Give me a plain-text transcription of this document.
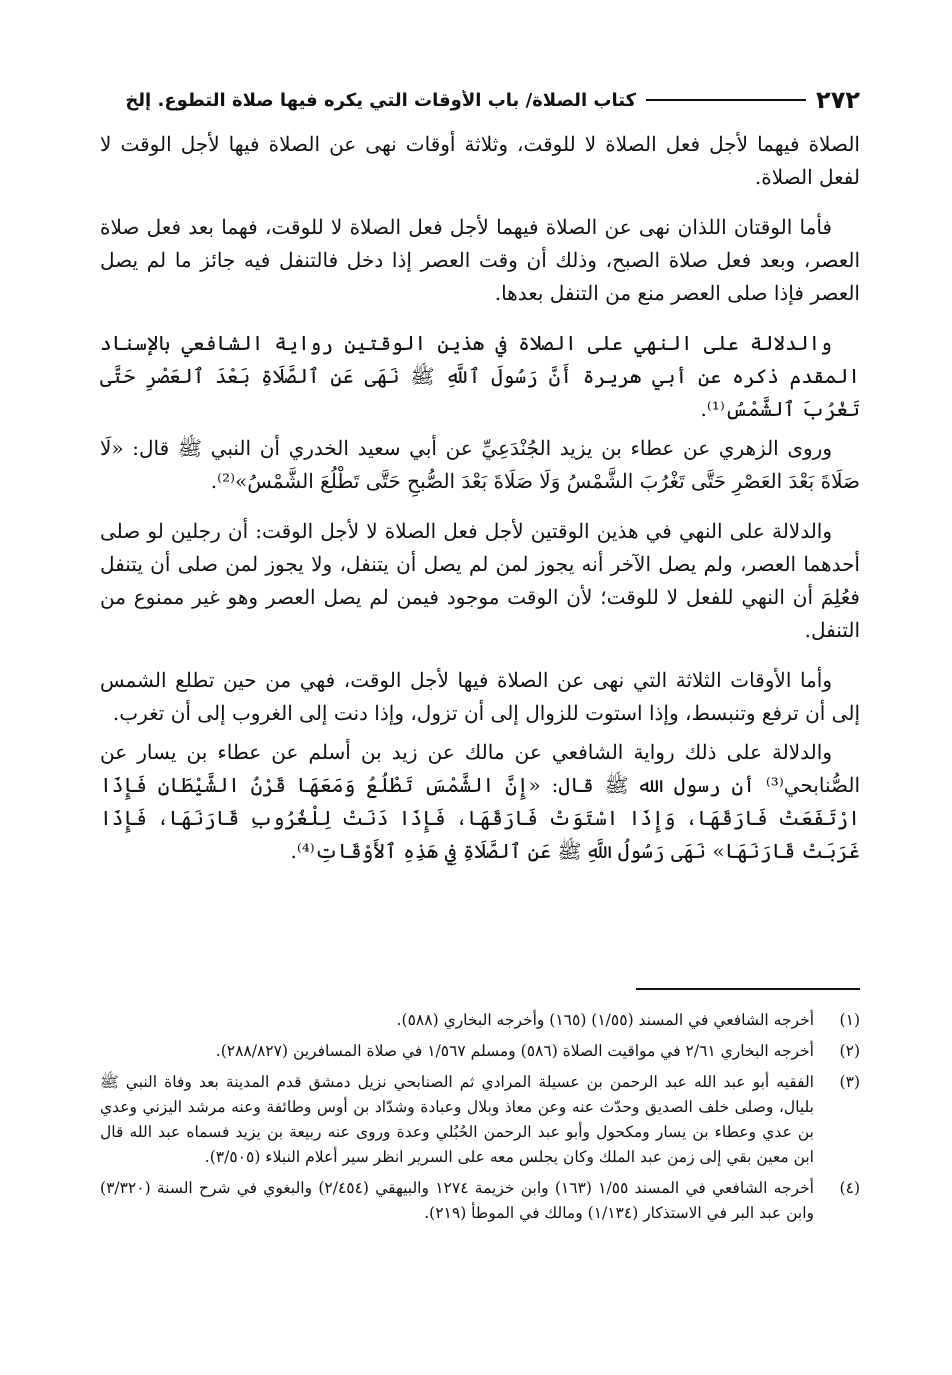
٢٧٢
كتاب الصلاة/ باب الأوقات التي يكره فيها صلاة التطوع. إلخ

الصلاة فيهما لأجل فعل الصلاة لا للوقت، وثلاثة أوقات نهى عن الصلاة فيها لأجل الوقت لا لفعل الصلاة.

فأما الوقتان اللذان نهى عن الصلاة فيهما لأجل فعل الصلاة لا للوقت، فهما بعد فعل صلاة العصر، وبعد فعل صلاة الصبح، وذلك أن وقت العصر إذا دخل فالتنفل فيه جائز ما لم يصل العصر فإذا صلى العصر منع من التنفل بعدها.

والدلالة على النهي على الصلاة في هذين الوقتين رواية الشافعي بالإسناد المقدم ذكره عن أبي هريرة أَنَّ رَسُولَ ٱللَّهِ ﷺ نَهَى عَنِ ٱلصَّلَاةِ بَعْدَ ٱلعَصْرِ حَتَّى تَغْرُبَ ٱلشَّمْسُ⁽¹⁾.

وروى الزهري عن عطاء بن يزيد الجُنْدَعِيِّ عن أبي سعيد الخدري أن النبي ﷺ قال: «لَا صَلَاةَ بَعْدَ العَصْرِ حَتَّى تَغْرُبَ الشَّمْسُ وَلَا صَلَاةَ بَعْدَ الصُّبحِ حَتَّى تَطْلُعَ الشَّمْسُ»⁽²⁾.

والدلالة على النهي في هذين الوقتين لأجل فعل الصلاة لا لأجل الوقت: أن رجلين لو صلى أحدهما العصر، ولم يصل الآخر أنه يجوز لمن لم يصل أن يتنفل، ولا يجوز لمن صلى أن يتنفل فعُلِمَ أن النهي للفعل لا للوقت؛ لأن الوقت موجود فيمن لم يصل العصر وهو غير ممنوع من التنفل.

وأما الأوقات الثلاثة التي نهى عن الصلاة فيها لأجل الوقت، فهي من حين تطلع الشمس إلى أن ترفع وتنبسط، وإذا استوت للزوال إلى أن تزول، وإذا دنت إلى الغروب إلى أن تغرب.

والدلالة على ذلك رواية الشافعي عن مالك عن زيد بن أسلم عن عطاء بن يسار عن الصُّنابحي⁽³⁾ أن رسول الله ﷺ قال: «إِنَّ الشَّمْسَ تَطْلُعُ وَمَعَهَا قَرْنُ الشَّيْطَانِ فَإِذَا ارْتَفَعَتْ فَارَقَهَا، وَإِذَا اسْتَوَتْ فَارَقَهَا، فَإِذَا دَنَتْ لِلْغُرُوبِ قَارَنَهَا، فَإِذَا غَرَبَتْ قَارَنَهَا» نَهَى رَسُولُ اللَّهِ ﷺ عَنِ ٱلصَّلَاةِ فِي هَذِهِ ٱلأَوْقَاتِ⁽⁴⁾.

(١)
أخرجه الشافعي في المسند (١/٥٥) (١٦٥) وأخرجه البخاري (٥٨٨).
(٢)
أخرجه البخاري ٢/٦١ في مواقيت الصلاة (٥٨٦) ومسلم ١/٥٦٧ في صلاة المسافرين (٢٨٨/٨٢٧).
(٣)
الفقيه أبو عبد الله عبد الرحمن بن عسيلة المرادي ثم الصنابحي نزيل دمشق قدم المدينة بعد وفاة النبي ﷺ بليال، وصلى خلف الصديق وحدّث عنه وعن معاذ وبلال وعبادة وشدّاد بن أوس وطائفة وعنه مرشد اليزني وعدي بن عدي وعطاء بن يسار ومكحول وأبو عبد الرحمن الحُبُلي وعدة وروى عنه ربيعة بن يزيد فسماه عبد الله قال ابن معين بقي إلى زمن عبد الملك وكان يجلس معه على السرير انظر سير أعلام النبلاء (٣/٥٠٥).
(٤)
أخرجه الشافعي في المسند ١/٥٥ (١٦٣) وابن خزيمة ١٢٧٤ والبيهقي (٢/٤٥٤) والبغوي في شرح السنة (٣/٣٢٠) وابن عبد البر في الاستذكار (١/١٣٤) ومالك في الموطأ (٢١٩).
